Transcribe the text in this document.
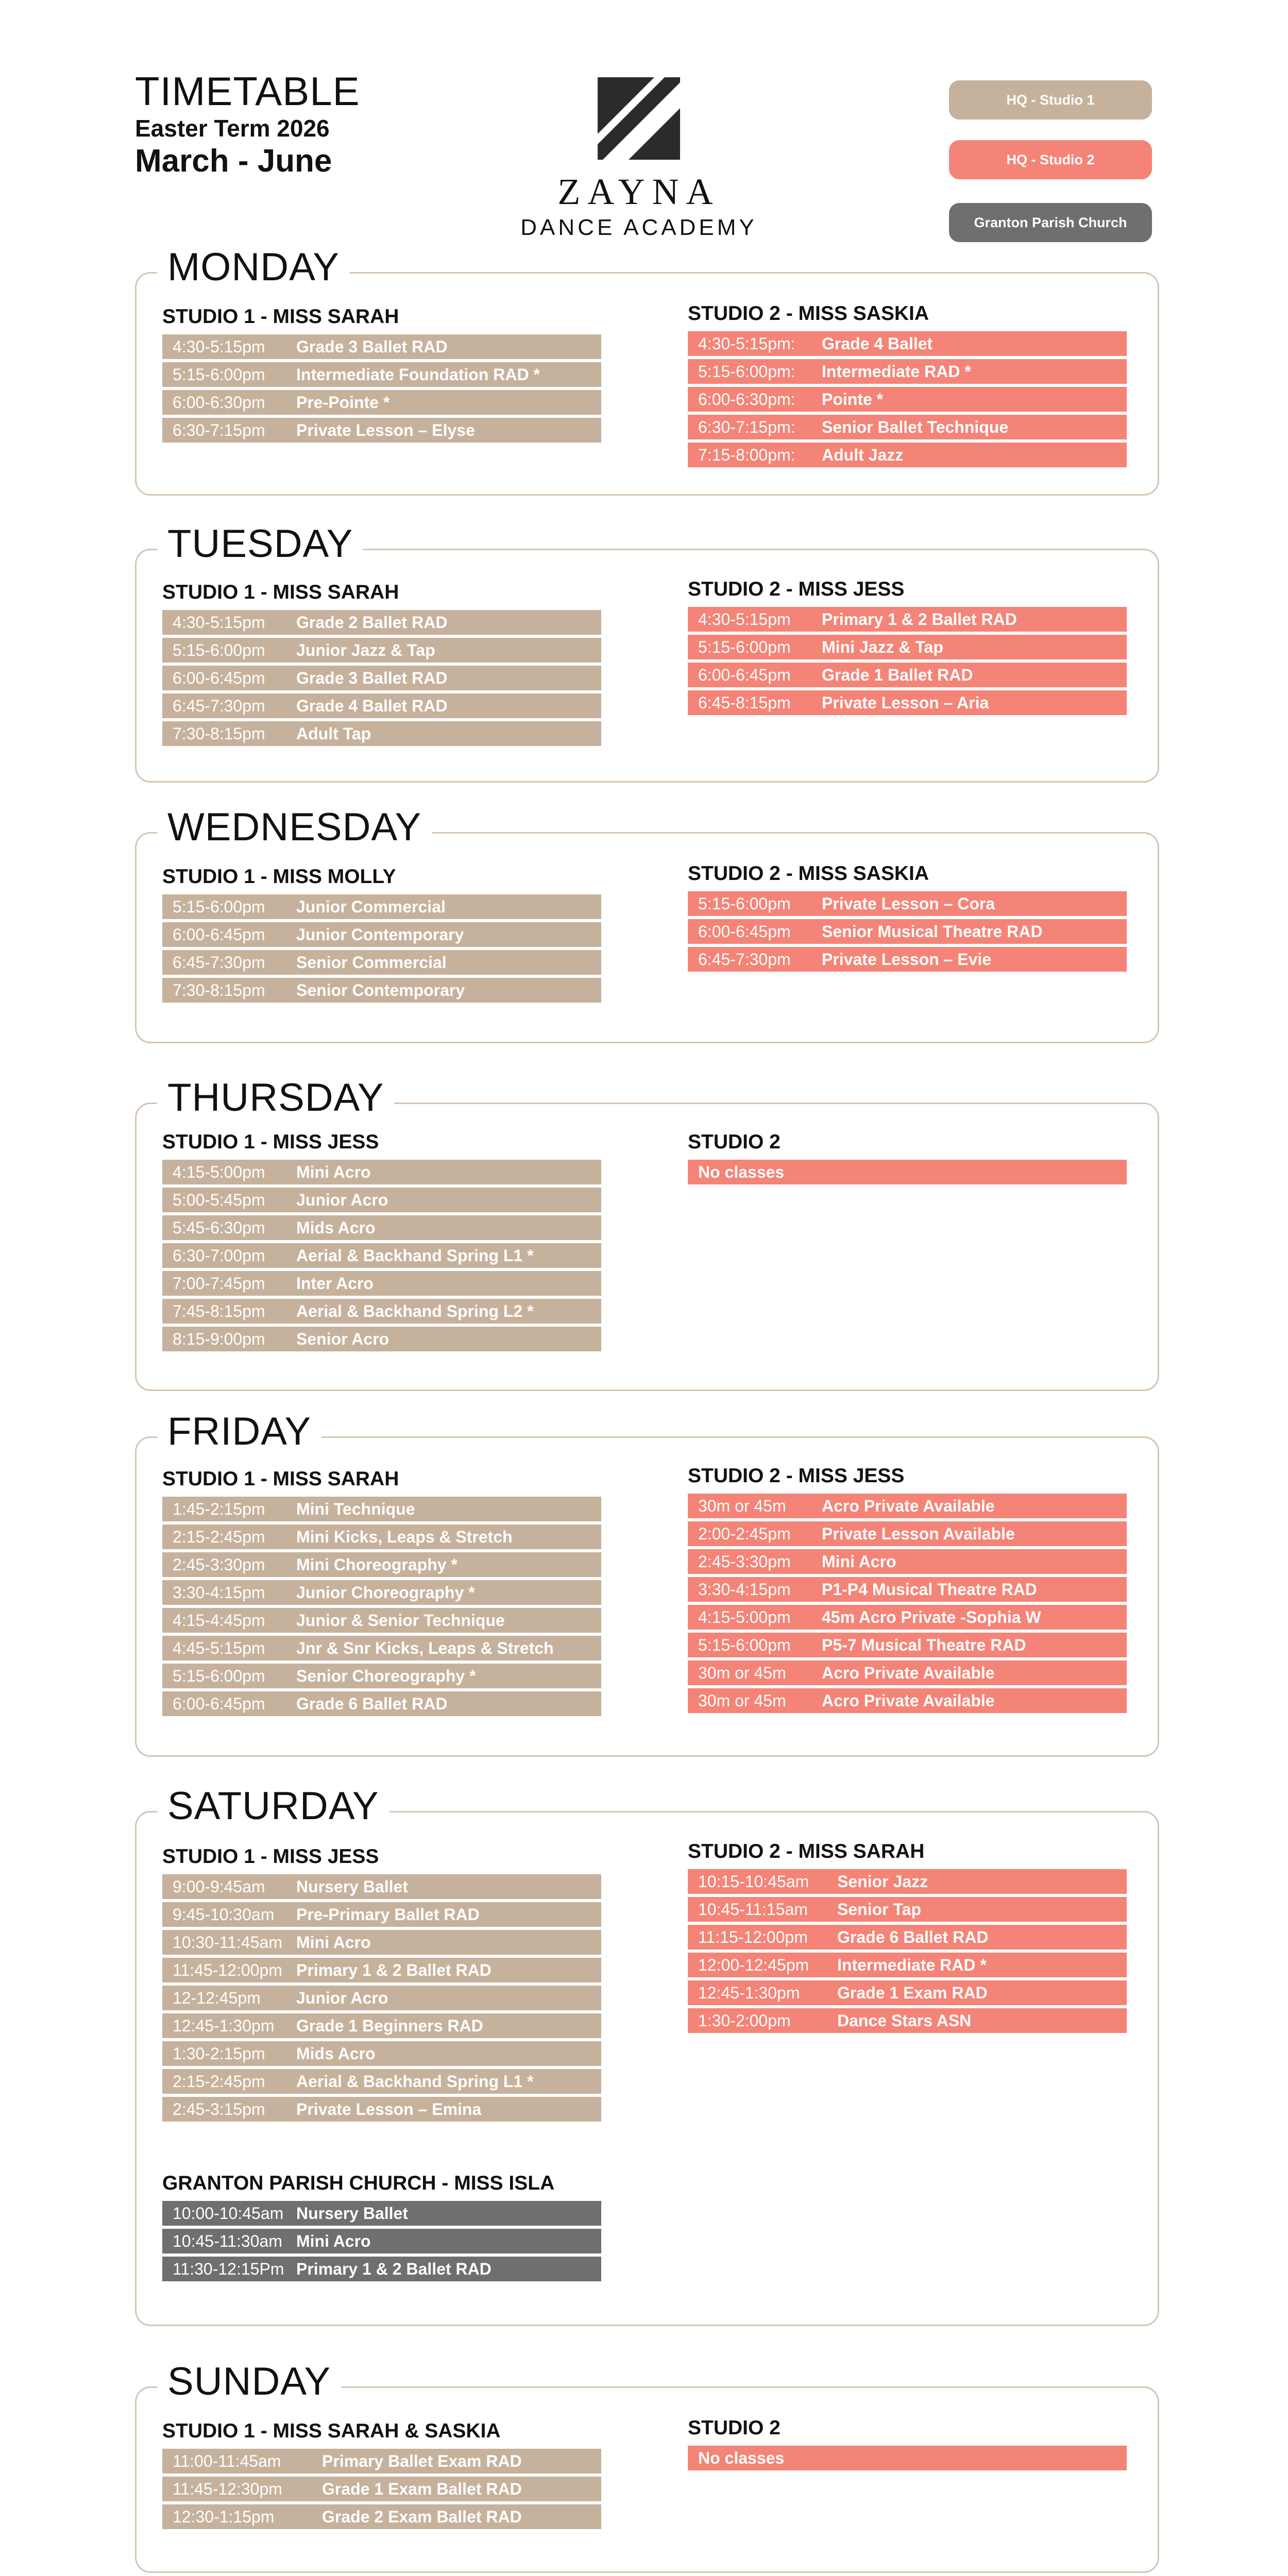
TIMETABLE
Easter Term 2026
March - June
ZAYNA
DANCE ACADEMY
HQ - Studio 1
HQ - Studio 2
Granton Parish Church
MONDAY
STUDIO 1 - MISS SARAH
4:30-5:15pm	Grade 3 Ballet RAD
5:15-6:00pm	Intermediate Foundation RAD *
6:00-6:30pm	Pre-Pointe *
6:30-7:15pm	Private Lesson – Elyse
STUDIO 2 - MISS SASKIA
4:30-5:15pm:	Grade 4 Ballet
5:15-6:00pm:	Intermediate RAD *
6:00-6:30pm:	Pointe *
6:30-7:15pm:	Senior Ballet Technique
7:15-8:00pm:	Adult Jazz
TUESDAY
STUDIO 1 - MISS SARAH
4:30-5:15pm	Grade 2 Ballet RAD
5:15-6:00pm	Junior Jazz & Tap
6:00-6:45pm	Grade 3 Ballet RAD
6:45-7:30pm	Grade 4 Ballet RAD
7:30-8:15pm	Adult Tap
STUDIO 2 - MISS JESS
4:30-5:15pm	Primary 1 & 2 Ballet RAD
5:15-6:00pm	Mini Jazz & Tap
6:00-6:45pm	Grade 1 Ballet RAD
6:45-8:15pm	Private Lesson – Aria
WEDNESDAY
STUDIO 1 - MISS MOLLY
5:15-6:00pm	Junior Commercial
6:00-6:45pm	Junior Contemporary
6:45-7:30pm	Senior Commercial
7:30-8:15pm	Senior Contemporary
STUDIO 2 - MISS SASKIA
5:15-6:00pm	Private Lesson – Cora
6:00-6:45pm	Senior Musical Theatre RAD
6:45-7:30pm	Private Lesson – Evie
THURSDAY
STUDIO 1 - MISS JESS
4:15-5:00pm	Mini Acro
5:00-5:45pm	Junior Acro
5:45-6:30pm	Mids Acro
6:30-7:00pm	Aerial & Backhand Spring L1 *
7:00-7:45pm	Inter Acro
7:45-8:15pm	Aerial & Backhand Spring L2 *
8:15-9:00pm	Senior Acro
STUDIO 2
No classes
FRIDAY
STUDIO 1 - MISS SARAH
1:45-2:15pm	Mini Technique
2:15-2:45pm	Mini Kicks, Leaps & Stretch
2:45-3:30pm	Mini Choreography *
3:30-4:15pm	Junior Choreography *
4:15-4:45pm	Junior & Senior Technique
4:45-5:15pm	Jnr & Snr Kicks, Leaps & Stretch
5:15-6:00pm	Senior Choreography *
6:00-6:45pm	Grade 6 Ballet RAD
STUDIO 2 - MISS JESS
30m or 45m	Acro Private Available
2:00-2:45pm	Private Lesson Available
2:45-3:30pm	Mini Acro
3:30-4:15pm	P1-P4 Musical Theatre RAD
4:15-5:00pm	45m Acro Private -Sophia W
5:15-6:00pm	P5-7 Musical Theatre RAD
30m or 45m	Acro Private Available
30m or 45m	Acro Private Available
SATURDAY
STUDIO 1 - MISS JESS
9:00-9:45am	Nursery Ballet
9:45-10:30am	Pre-Primary Ballet RAD
10:30-11:45am Mini Acro
11:45-12:00pm Primary 1 & 2 Ballet RAD
12-12:45pm	Junior Acro
12:45-1:30pm	Grade 1 Beginners RAD
1:30-2:15pm	Mids Acro
2:15-2:45pm	Aerial & Backhand Spring L1 *
2:45-3:15pm	Private Lesson – Emina
GRANTON PARISH CHURCH - MISS ISLA
10:00-10:45am Nursery Ballet
10:45-11:30am Mini Acro
11:30-12:15Pm Primary 1 & 2 Ballet RAD
STUDIO 2 - MISS SARAH
10:15-10:45am	Senior Jazz
10:45-11:15am	Senior Tap
11:15-12:00pm	Grade 6 Ballet RAD
12:00-12:45pm	Intermediate RAD *
12:45-1:30pm	Grade 1 Exam RAD
1:30-2:00pm	Dance Stars ASN
SUNDAY
STUDIO 1 - MISS SARAH & SASKIA
11:00-11:45am	Primary Ballet Exam RAD
11:45-12:30pm	Grade 1 Exam Ballet RAD
12:30-1:15pm	Grade 2 Exam Ballet RAD
STUDIO 2
No classes
